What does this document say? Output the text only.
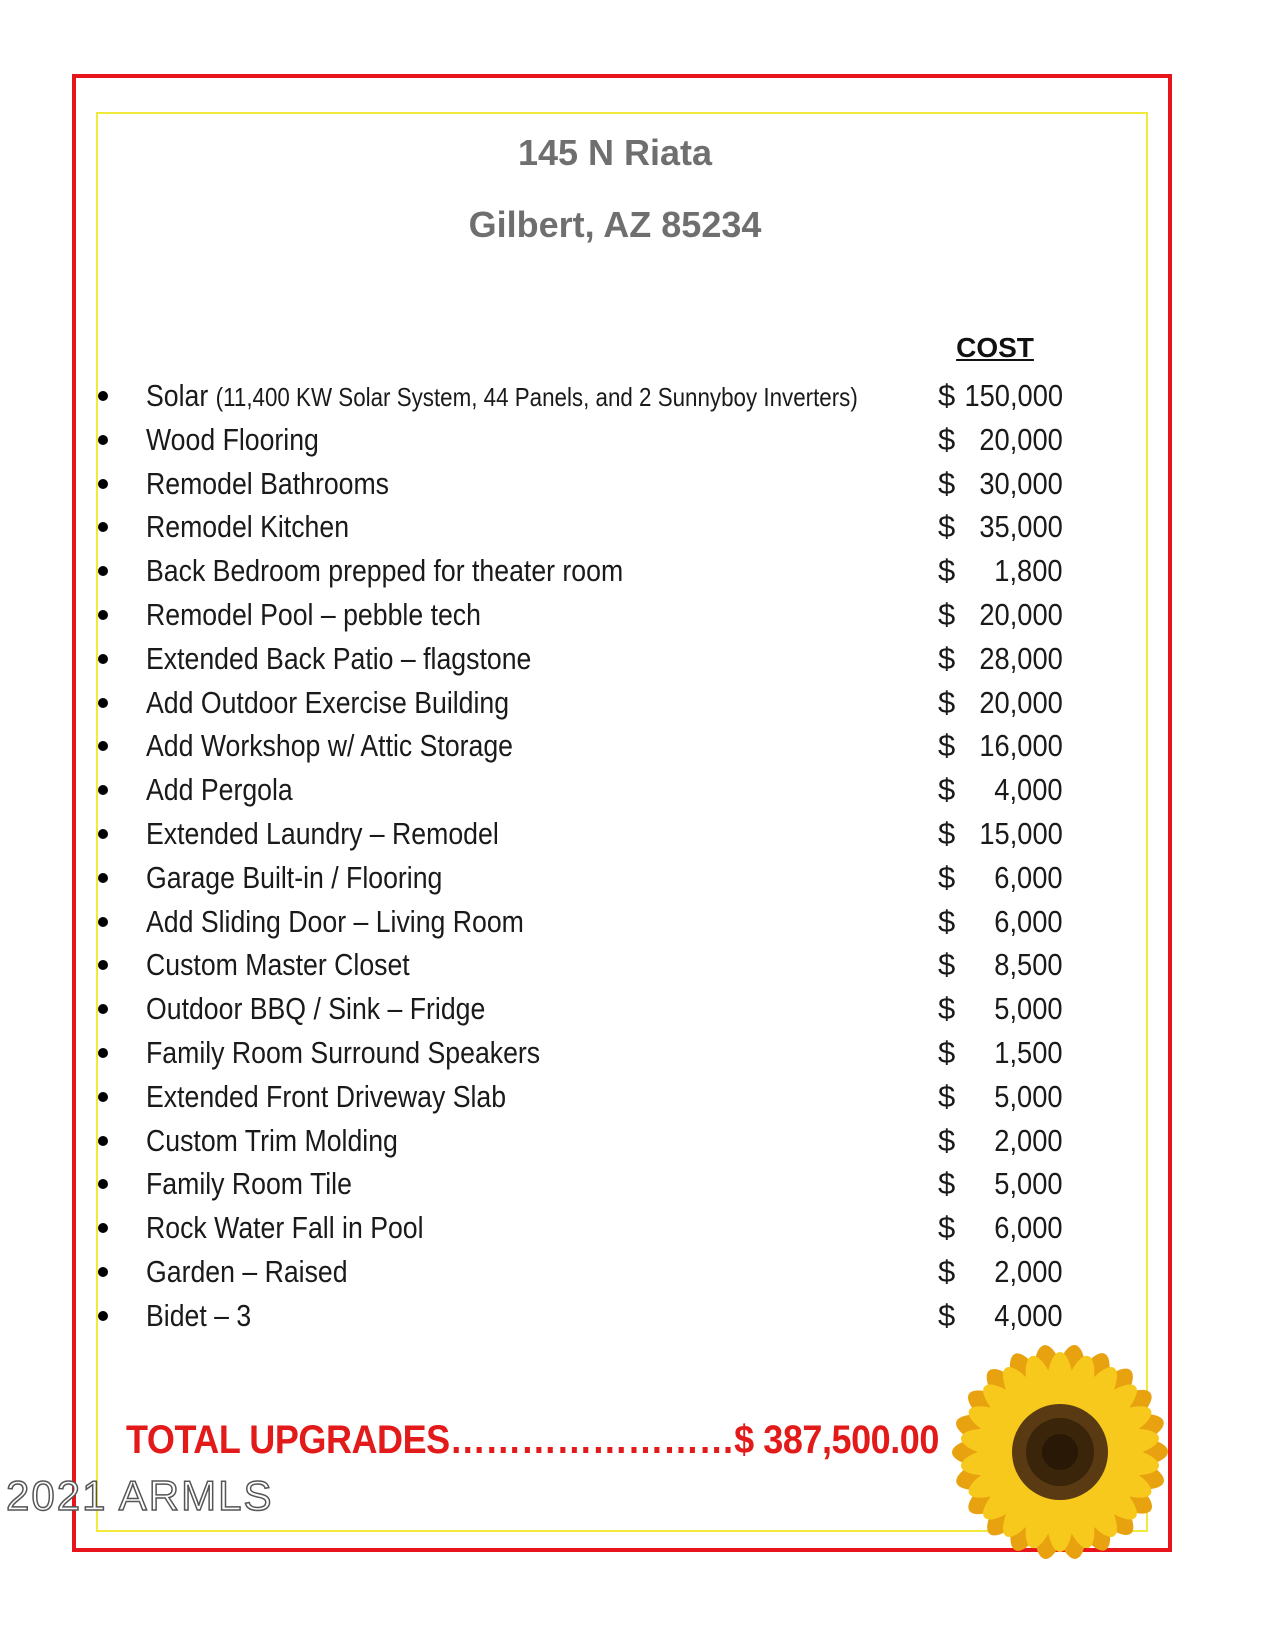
145 N Riata
Gilbert, AZ 85234
COST
Solar (11,400 KW Solar System, 44 Panels, and 2 Sunnyboy Inverters)	$ 150,000
Wood Flooring	$ 20,000
Remodel Bathrooms	$ 30,000
Remodel Kitchen	$ 35,000
Back Bedroom prepped for theater room	$ 1,800
Remodel Pool – pebble tech	$ 20,000
Extended Back Patio – flagstone	$ 28,000
Add Outdoor Exercise Building	$ 20,000
Add Workshop w/ Attic Storage	$ 16,000
Add Pergola	$ 4,000
Extended Laundry – Remodel	$ 15,000
Garage Built-in / Flooring	$ 6,000
Add Sliding Door – Living Room	$ 6,000
Custom Master Closet	$ 8,500
Outdoor BBQ / Sink – Fridge	$ 5,000
Family Room Surround Speakers	$ 1,500
Extended Front Driveway Slab	$ 5,000
Custom Trim Molding	$ 2,000
Family Room Tile	$ 5,000
Rock Water Fall in Pool	$ 6,000
Garden – Raised	$ 2,000
Bidet – 3	$ 4,000
TOTAL UPGRADES……………………$ 387,500.00
2021 ARMLS
